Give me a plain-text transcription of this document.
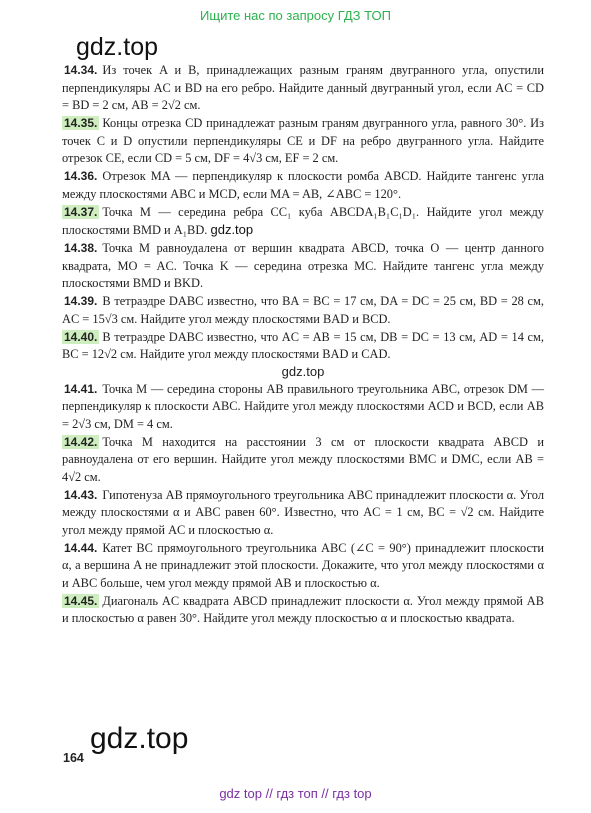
Ищите нас по запросу ГДЗ ТОП
gdz.top
14.34. Из точек A и B, принадлежащих разным граням двугранного угла, опустили перпендикуляры AC и BD на его ребро. Найдите данный двугранный угол, если AC = CD = BD = 2 см, AB = 2√2 см.
14.35. Концы отрезка CD принадлежат разным граням двугранного угла, равного 30°. Из точек C и D опустили перпендикуляры CE и DF на ребро двугранного угла. Найдите отрезок CE, если CD = 5 см, DF = 4√3 см, EF = 2 см.
14.36. Отрезок MA — перпендикуляр к плоскости ромба ABCD. Найдите тангенс угла между плоскостями ABC и MCD, если MA = AB, ∠ABC = 120°.
14.37. Точка M — середина ребра CC₁ куба ABCDA₁B₁C₁D₁. Найдите угол между плоскостями BMD и A₁BD. gdz.top
14.38. Точка M равноудалена от вершин квадрата ABCD, точка O — центр данного квадрата, MO = AC. Точка K — середина отрезка MC. Найдите тангенс угла между плоскостями BMD и BKD.
14.39. В тетраэдре DABC известно, что BA = BC = 17 см, DA = DC = 25 см, BD = 28 см, AC = 15√3 см. Найдите угол между плоскостями BAD и BCD.
14.40. В тетраэдре DABC известно, что AC = AB = 15 см, DB = DC = 13 см, AD = 14 см, BC = 12√2 см. Найдите угол между плоскостями BAD и CAD.
gdz.top
14.41. Точка M — середина стороны AB правильного треугольника ABC, отрезок DM — перпендикуляр к плоскости ABC. Найдите угол между плоскостями ACD и BCD, если AB = 2√3 см, DM = 4 см.
14.42. Точка M находится на расстоянии 3 см от плоскости квадрата ABCD и равноудалена от его вершин. Найдите угол между плоскостями BMC и DMC, если AB = 4√2 см.
14.43. Гипотенуза AB прямоугольного треугольника ABC принадлежит плоскости α. Угол между плоскостями α и ABC равен 60°. Известно, что AC = 1 см, BC = √2 см. Найдите угол между прямой AC и плоскостью α.
14.44. Катет BC прямоугольного треугольника ABC (∠C = 90°) принадлежит плоскости α, а вершина A не принадлежит этой плоскости. Докажите, что угол между плоскостями α и ABC больше, чем угол между прямой AB и плоскостью α.
14.45. Диагональ AC квадрата ABCD принадлежит плоскости α. Угол между прямой AB и плоскостью α равен 30°. Найдите угол между плоскостью α и плоскостью квадрата.
gdz.top
164
gdz top // гдз топ // гдз top
